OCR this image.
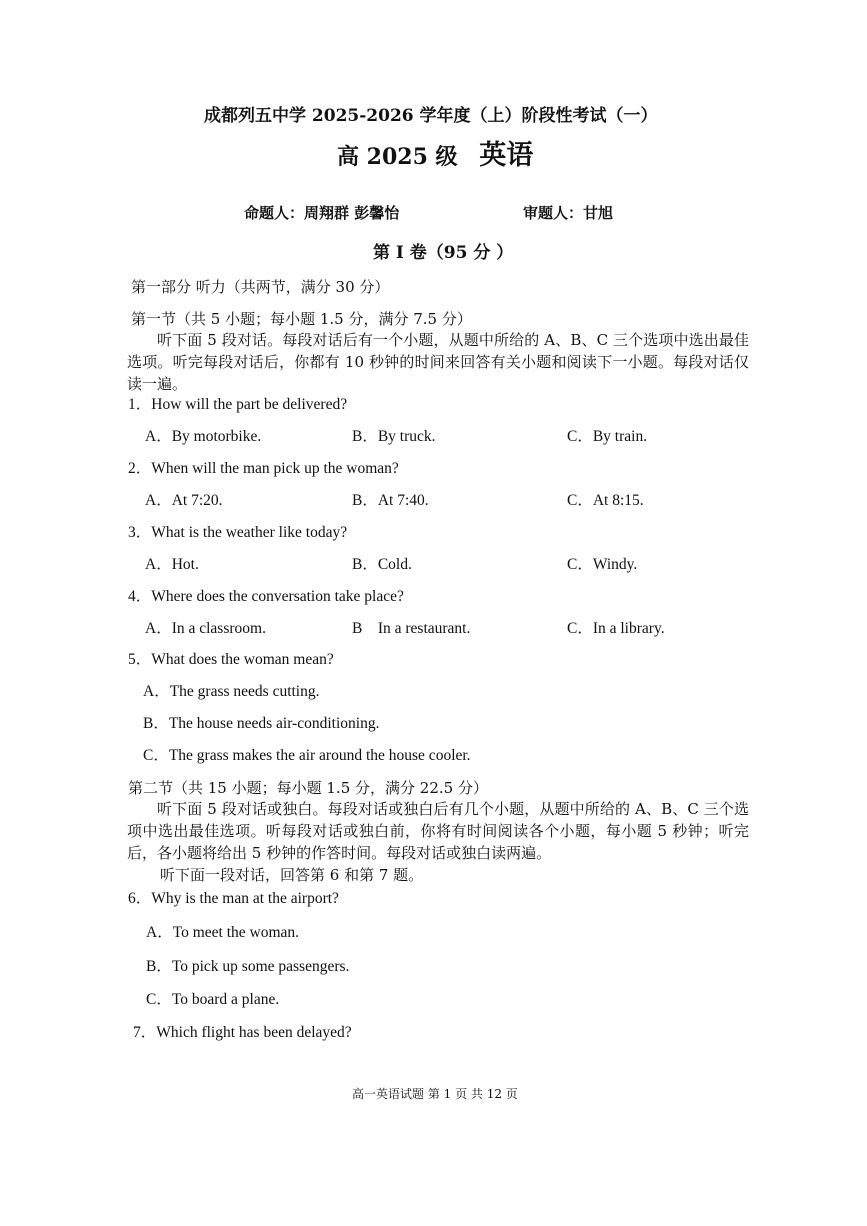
成都列五中学 2025-2026 学年度（上）阶段性考试（一）
高 2025 级 英语
命题人：周翔群 彭馨怡	审题人：甘旭
第 I 卷（95 分 ）
第一部分 听力（共两节，满分 30 分）
第一节（共 5 小题；每小题 1.5 分，满分 7.5 分）
听下面 5 段对话。每段对话后有一个小题，从题中所给的 A、B、C 三个选项中选出最佳选项。听完每段对话后，你都有 10 秒钟的时间来回答有关小题和阅读下一小题。每段对话仅读一遍。
1．How will the part be delivered?
A．By motorbike.	B．By truck.	C．By train.
2．When will the man pick up the woman?
A．At 7:20.	B．At 7:40.	C．At 8:15.
3．What is the weather like today?
A．Hot.	B．Cold.	C．Windy.
4．Where does the conversation take place?
A．In a classroom.	B    In a restaurant.	C．In a library.
5．What does the woman mean?
A．The grass needs cutting.
B．The house needs air-conditioning.
C．The grass makes the air around the house cooler.
第二节（共 15 小题；每小题 1.5 分，满分 22.5 分）
听下面 5 段对话或独白。每段对话或独白后有几个小题，从题中所给的 A、B、C 三个选项中选出最佳选项。听每段对话或独白前，你将有时间阅读各个小题，每小题 5 秒钟；听完后，各小题将给出 5 秒钟的作答时间。每段对话或独白读两遍。
听下面一段对话，回答第 6 和第 7 题。
6．Why is the man at the airport?
A．To meet the woman.
B．To pick up some passengers.
C．To board a plane.
7．Which flight has been delayed?
高一英语试题 第 1 页 共 12 页
